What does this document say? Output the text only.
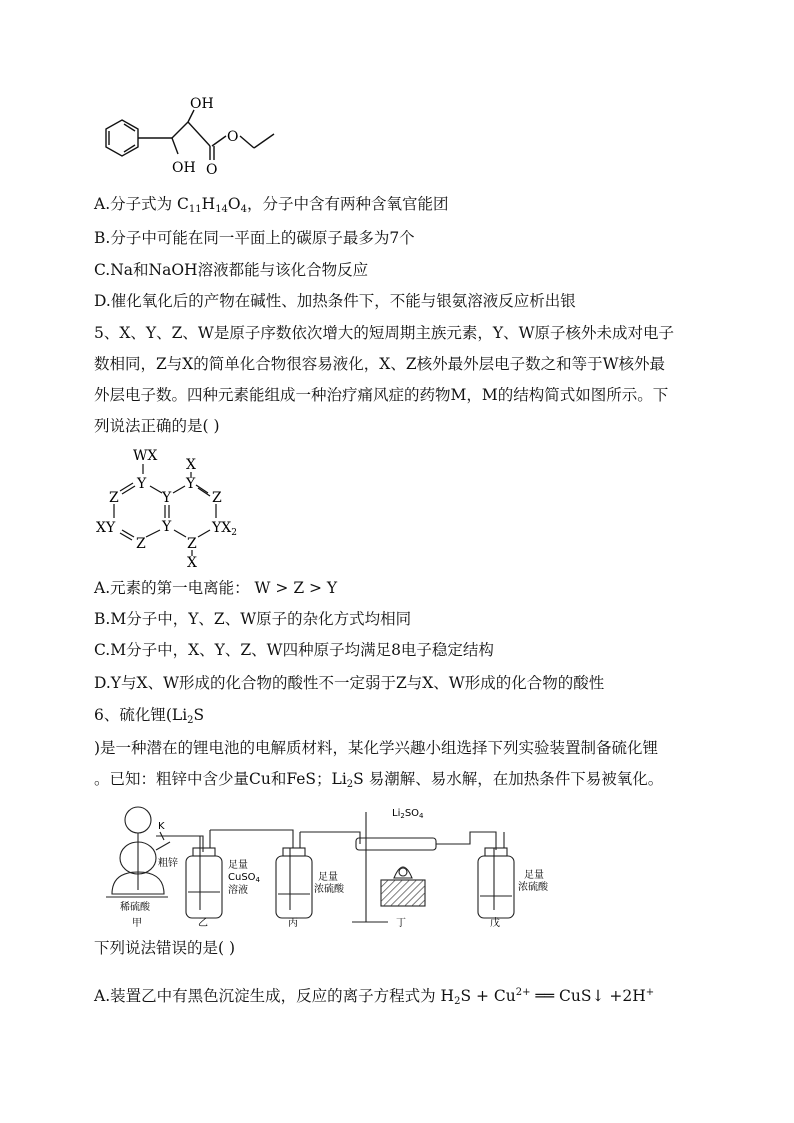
OH
OH
O
O
A.分子式为 $C_{11}H_{14}O_4$，分子中含有两种含氧官能团
B.分子中可能在同一平面上的碳原子最多为7个
C.Na和NaOH溶液都能与该化合物反应
D.催化氧化后的产物在碱性、加热条件下，不能与银氨溶液反应析出银
5、X、Y、Z、W是原子序数依次增大的短周期主族元素，Y、W原子核外未成对电子
数相同，Z与X的简单化合物很容易液化，X、Z核外最外层电子数之和等于W核外最
外层电子数。四种元素能组成一种治疗痛风症的药物M，M的结构简式如图所示。下
列说法正确的是( )
WX
X
Y	Y
Z	Y	Z
XY	Y	$YX_2$
Z	Z
X
A.元素的第一电离能： W > Z > Y
B.M分子中，Y、Z、W原子的杂化方式均相同
C.M分子中，X、Y、Z、W四种原子均满足8电子稳定结构
D.Y与X、W形成的化合物的酸性不一定弱于Z与X、W形成的化合物的酸性
6、硫化锂($Li_2S$
)是一种潜在的锂电池的电解质材料，某化学兴趣小组选择下列实验装置制备硫化锂
。已知：粗锌中含少量Cu和FeS；$Li_2S$ 易潮解、易水解，在加热条件下易被氧化。
K
粗锌
稀硫酸
甲
足量
CuSO$_4$
溶液
乙
足量
浓硫酸
丙
$Li_2SO_4$
丁
足量
浓硫酸
戊
下列说法错误的是( )
A.装置乙中有黑色沉淀生成，反应的离子方程式为 $H_2S + Cu^{2+}$ ══ CuS↓ +2H+
